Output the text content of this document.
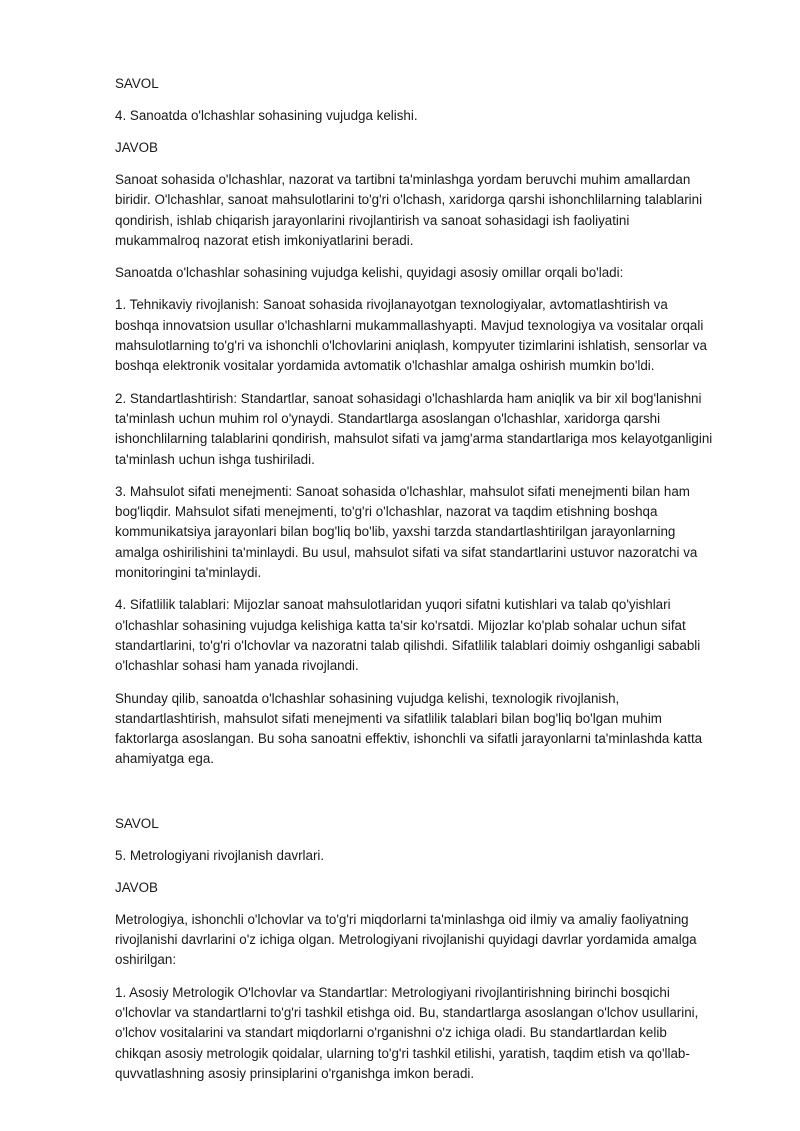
SAVOL
4. Sanoatda o'lchashlar sohasining vujudga kelishi.
JAVOB

Sanoat sohasida o'lchashlar, nazorat va tartibni ta'minlashga yordam beruvchi muhim amallardan biridir. O'lchashlar, sanoat mahsulotlarini to'g'ri o'lchash, xaridorga qarshi ishonchlilarning talablarini qondirish, ishlab chiqarish jarayonlarini rivojlantirish va sanoat sohasidagi ish faoliyatini mukammalroq nazorat etish imkoniyatlarini beradi.

Sanoatda o'lchashlar sohasining vujudga kelishi, quyidagi asosiy omillar orqali bo'ladi:

1. Tehnikaviy rivojlanish: Sanoat sohasida rivojlanayotgan texnologiyalar, avtomatlashtirish va boshqa innovatsion usullar o'lchashlarni mukammallashyapti. Mavjud texnologiya va vositalar orqali mahsulotlarning to'g'ri va ishonchli o'lchovlarini aniqlash, kompyuter tizimlarini ishlatish, sensorlar va boshqa elektronik vositalar yordamida avtomatik o'lchashlar amalga oshirish mumkin bo'ldi.

2. Standartlashtirish: Standartlar, sanoat sohasidagi o'lchashlarda ham aniqlik va bir xil bog'lanishni ta'minlash uchun muhim rol o'ynaydi. Standartlarga asoslangan o'lchashlar, xaridorga qarshi ishonchlilarning talablarini qondirish, mahsulot sifati va jamg'arma standartlariga mos kelayotganligini ta'minlash uchun ishga tushiriladi.

3. Mahsulot sifati menejmenti: Sanoat sohasida o'lchashlar, mahsulot sifati menejmenti bilan ham bog'liqdir. Mahsulot sifati menejmenti, to'g'ri o'lchashlar, nazorat va taqdim etishning boshqa kommunikatsiya jarayonlari bilan bog'liq bo'lib, yaxshi tarzda standartlashtirilgan jarayonlarning amalga oshirilishini ta'minlaydi. Bu usul, mahsulot sifati va sifat standartlarini ustuvor nazoratchi va monitoringini ta'minlaydi.

4. Sifatlilik talablari: Mijozlar sanoat mahsulotlaridan yuqori sifatni kutishlari va talab qo'yishlari o'lchashlar sohasining vujudga kelishiga katta ta'sir ko'rsatdi. Mijozlar ko'plab sohalar uchun sifat standartlarini, to'g'ri o'lchovlar va nazoratni talab qilishdi. Sifatlilik talablari doimiy oshganligi sababli o'lchashlar sohasi ham yanada rivojlandi.

Shunday qilib, sanoatda o'lchashlar sohasining vujudga kelishi, texnologik rivojlanish, standartlashtirish, mahsulot sifati menejmenti va sifatlilik talablari bilan bog'liq bo'lgan muhim faktorlarga asoslangan. Bu soha sanoatni effektiv, ishonchli va sifatli jarayonlarni ta'minlashda katta ahamiyatga ega.

SAVOL
5. Metrologiyani rivojlanish davrlari.
JAVOB

Metrologiya, ishonchli o'lchovlar va to'g'ri miqdorlarni ta'minlashga oid ilmiy va amaliy faoliyatning rivojlanishi davrlarini o'z ichiga olgan. Metrologiyani rivojlanishi quyidagi davrlar yordamida amalga oshirilgan:

1. Asosiy Metrologik O'lchovlar va Standartlar: Metrologiyani rivojlantirishning birinchi bosqichi o'lchovlar va standartlarni to'g'ri tashkil etishga oid. Bu, standartlarga asoslangan o'lchov usullarini, o'lchov vositalarini va standart miqdorlarni o'rganishni o'z ichiga oladi. Bu standartlardan kelib chikqan asosiy metrologik qoidalar, ularning to'g'ri tashkil etilishi, yaratish, taqdim etish va qo'llab-quvvatlashning asosiy prinsiplarini o'rganishga imkon beradi.
